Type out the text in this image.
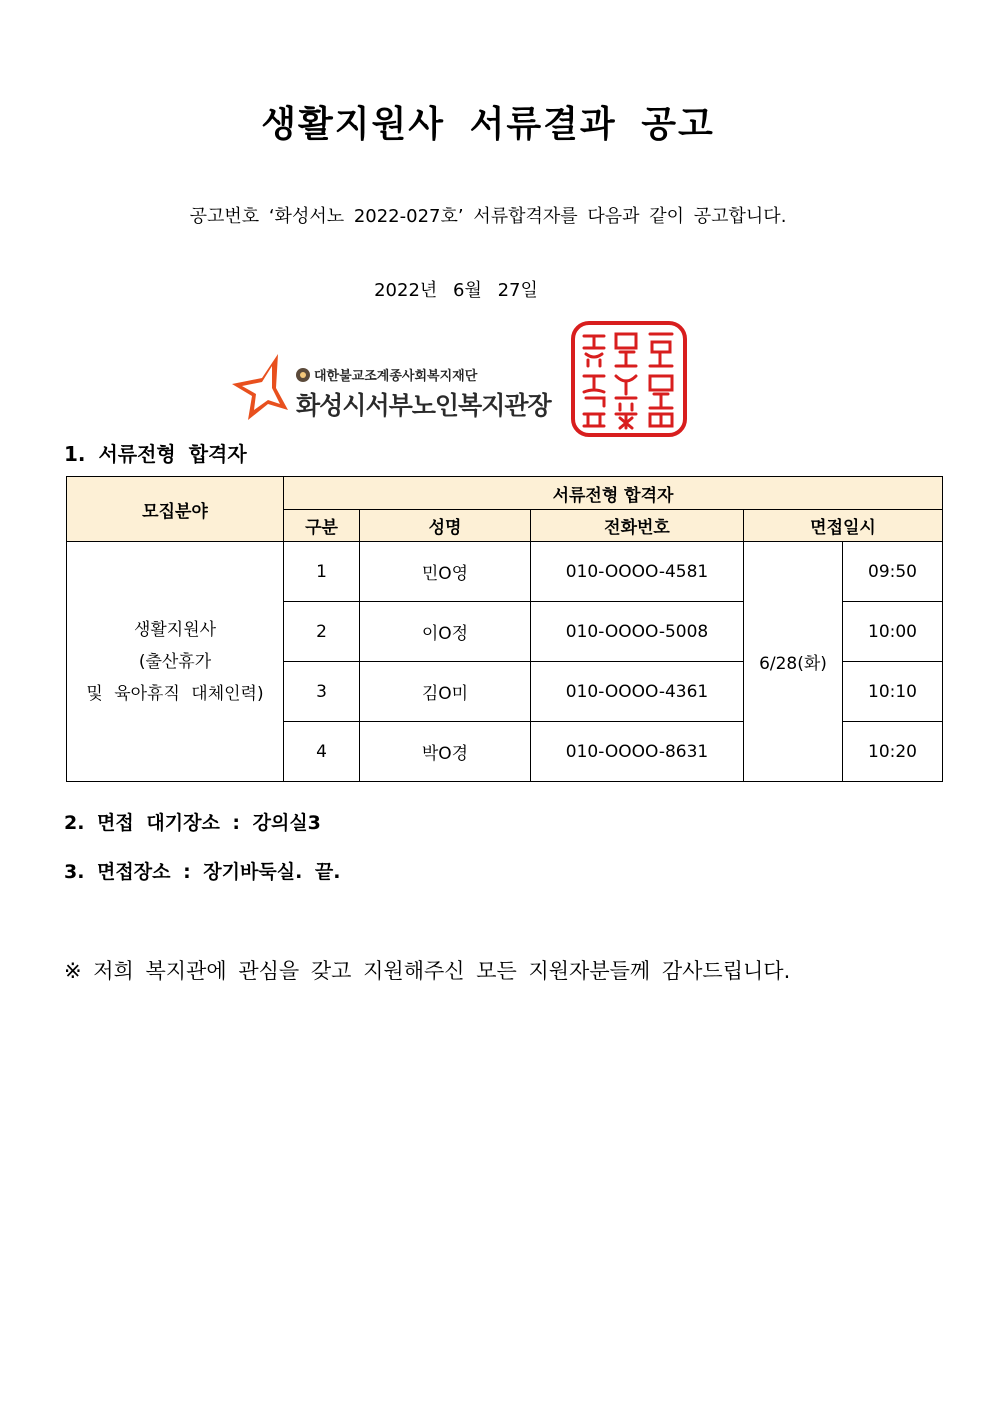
생활지원사 서류결과 공고
공고번호 ‘화성서노 2022-027호’ 서류합격자를 다음과 같이 공고합니다.
2022년 6월 27일
대한불교조계종사회복지재단
화성시서부노인복지관장
1. 서류전형 합격자
모집분야	서류전형 합격자				
	구분	성명	전화번호	면접일시	

생활지원사
(출산휴가
및 육아휴직 대체인력)	1	민O영	010-OOOO-4581	6/28(화)	09:50
	2	이O정	010-OOOO-5008		10:00
	3	김O미	010-OOOO-4361		10:10
	4	박O경	010-OOOO-8631		10:20
2. 면접 대기장소 : 강의실3
3. 면접장소 : 장기바둑실. 끝.
※ 저희 복지관에 관심을 갖고 지원해주신 모든 지원자분들께 감사드립니다.
